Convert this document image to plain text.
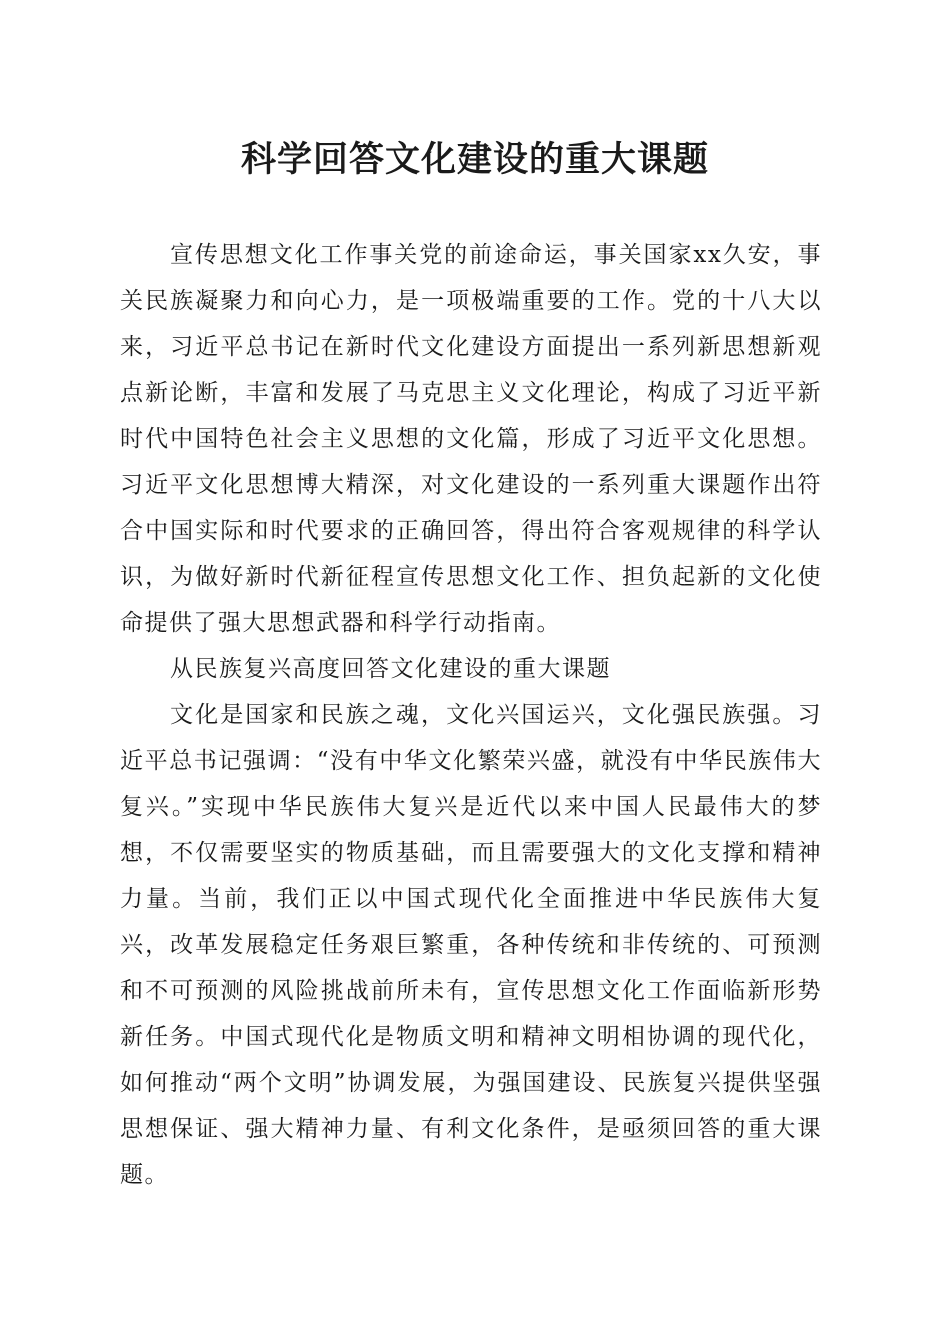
科学回答文化建设的重大课题

宣传思想文化工作事关党的前途命运，事关国家xx久安，事关民族凝聚力和向心力，是一项极端重要的工作。党的十八大以来，习近平总书记在新时代文化建设方面提出一系列新思想新观点新论断，丰富和发展了马克思主义文化理论，构成了习近平新时代中国特色社会主义思想的文化篇，形成了习近平文化思想。习近平文化思想博大精深，对文化建设的一系列重大课题作出符合中国实际和时代要求的正确回答，得出符合客观规律的科学认识，为做好新时代新征程宣传思想文化工作、担负起新的文化使命提供了强大思想武器和科学行动指南。

从民族复兴高度回答文化建设的重大课题

文化是国家和民族之魂，文化兴国运兴，文化强民族强。习近平总书记强调：“没有中华文化繁荣兴盛，就没有中华民族伟大复兴。”实现中华民族伟大复兴是近代以来中国人民最伟大的梦想，不仅需要坚实的物质基础，而且需要强大的文化支撑和精神力量。当前，我们正以中国式现代化全面推进中华民族伟大复兴，改革发展稳定任务艰巨繁重，各种传统和非传统的、可预测和不可预测的风险挑战前所未有，宣传思想文化工作面临新形势新任务。中国式现代化是物质文明和精神文明相协调的现代化，如何推动“两个文明”协调发展，为强国建设、民族复兴提供坚强思想保证、强大精神力量、有利文化条件，是亟须回答的重大课题。
